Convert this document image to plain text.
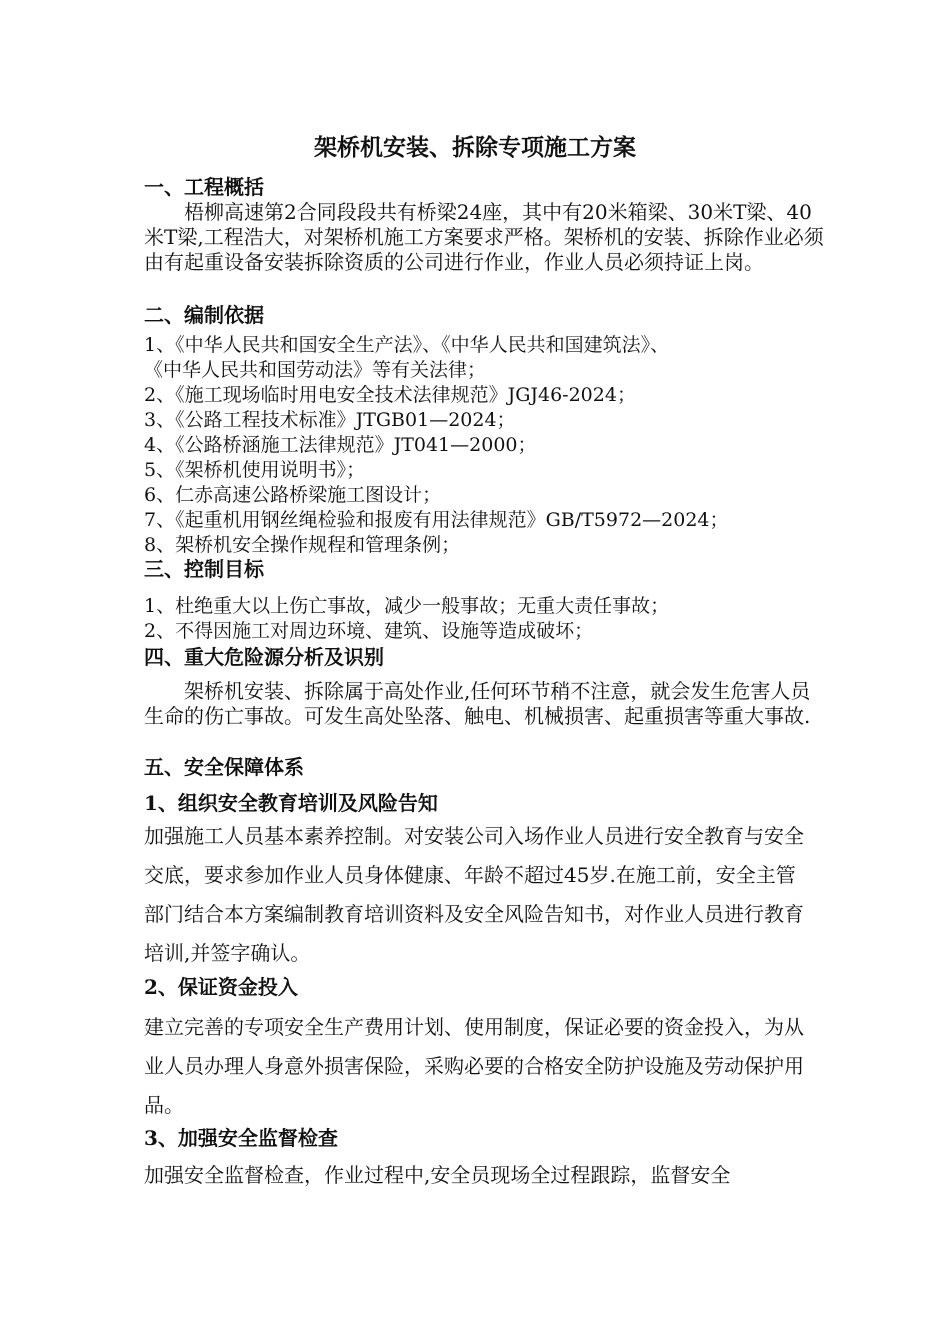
架桥机安装、拆除专项施工方案
一、工程概括

梧柳高速第2合同段段共有桥梁24座，其中有20米箱梁、30米T梁、40米T梁,工程浩大，对架桥机施工方案要求严格。架桥机的安装、拆除作业必须由有起重设备安装拆除资质的公司进行作业，作业人员必须持证上岗。

二、编制依据
1、《中华人民共和国安全生产法》、《中华人民共和国建筑法》、
《中华人民共和国劳动法》等有关法律；
2、《施工现场临时用电安全技术法律规范》JGJ46-2024；
3、《公路工程技术标准》JTGB01—2024；
4、《公路桥涵施工法律规范》JT041—2000；
5、《架桥机使用说明书》；
6、仁赤高速公路桥梁施工图设计；
7、《起重机用钢丝绳检验和报废有用法律规范》GB/T5972—2024；
8、架桥机安全操作规程和管理条例；
三、控制目标
1、杜绝重大以上伤亡事故，减少一般事故；无重大责任事故；
2、不得因施工对周边环境、建筑、设施等造成破坏；
四、重大危险源分析及识别

架桥机安装、拆除属于高处作业,任何环节稍不注意，就会发生危害人员生命的伤亡事故。可发生高处坠落、触电、机械损害、起重损害等重大事故.

五、安全保障体系
1、组织安全教育培训及风险告知

加强施工人员基本素养控制。对安装公司入场作业人员进行安全教育与安全交底，要求参加作业人员身体健康、年龄不超过45岁.在施工前，安全主管部门结合本方案编制教育培训资料及安全风险告知书，对作业人员进行教育培训,并签字确认。

2、保证资金投入

建立完善的专项安全生产费用计划、使用制度，保证必要的资金投入，为从业人员办理人身意外损害保险，采购必要的合格安全防护设施及劳动保护用品。

3、加强安全监督检查

加强安全监督检查，作业过程中,安全员现场全过程跟踪，监督安全
